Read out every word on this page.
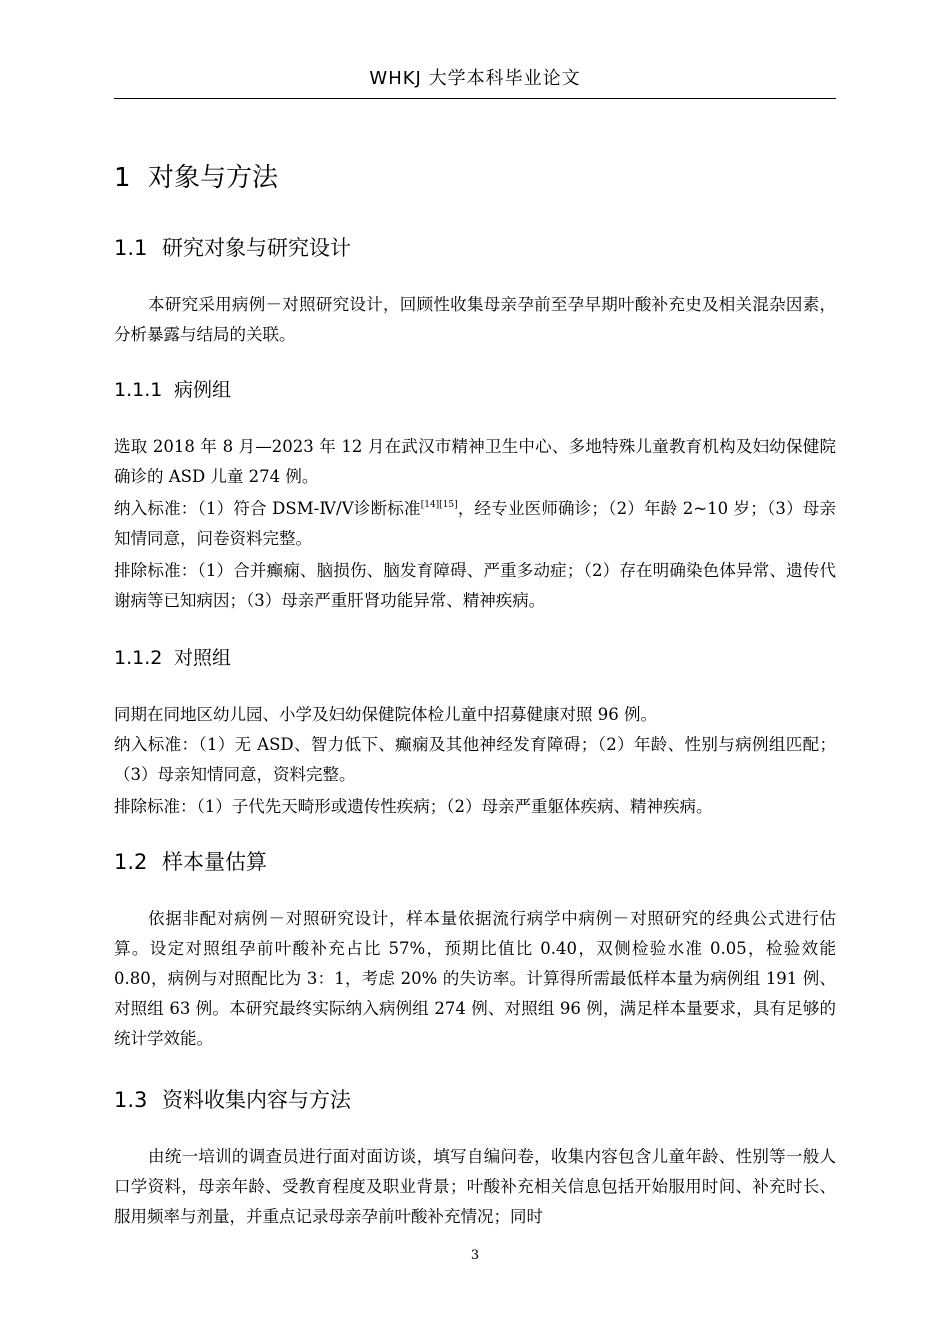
WHKJ 大学本科毕业论文
1 对象与方法
1.1 研究对象与研究设计

本研究采用病例－对照研究设计，回顾性收集母亲孕前至孕早期叶酸补充史及相关混杂因素，分析暴露与结局的关联。

1.1.1 病例组

选取 2018 年 8 月—2023 年 12 月在武汉市精神卫生中心、多地特殊儿童教育机构及妇幼保健院确诊的 ASD 儿童 274 例。

纳入标准：（1）符合 DSM-Ⅳ/Ⅴ诊断标准[14][15]，经专业医师确诊；（2）年龄 2~10 岁；（3）母亲知情同意，问卷资料完整。

排除标准：（1）合并癫痫、脑损伤、脑发育障碍、严重多动症；（2）存在明确染色体异常、遗传代谢病等已知病因；（3）母亲严重肝肾功能异常、精神疾病。

1.1.2 对照组

同期在同地区幼儿园、小学及妇幼保健院体检儿童中招募健康对照 96 例。

纳入标准：（1）无 ASD、智力低下、癫痫及其他神经发育障碍；（2）年龄、性别与病例组匹配；（3）母亲知情同意，资料完整。

排除标准：（1）子代先天畸形或遗传性疾病；（2）母亲严重躯体疾病、精神疾病。

1.2 样本量估算

依据非配对病例－对照研究设计，样本量依据流行病学中病例－对照研究的经典公式进行估算。设定对照组孕前叶酸补充占比 57%，预期比值比 0.40，双侧检验水准 0.05，检验效能 0.80，病例与对照配比为 3：1，考虑 20% 的失访率。计算得所需最低样本量为病例组 191 例、对照组 63 例。本研究最终实际纳入病例组 274 例、对照组 96 例，满足样本量要求，具有足够的统计学效能。

1.3 资料收集内容与方法

由统一培训的调查员进行面对面访谈，填写自编问卷，收集内容包含儿童年龄、性别等一般人口学资料，母亲年龄、受教育程度及职业背景；叶酸补充相关信息包括开始服用时间、补充时长、服用频率与剂量，并重点记录母亲孕前叶酸补充情况；同时

3
